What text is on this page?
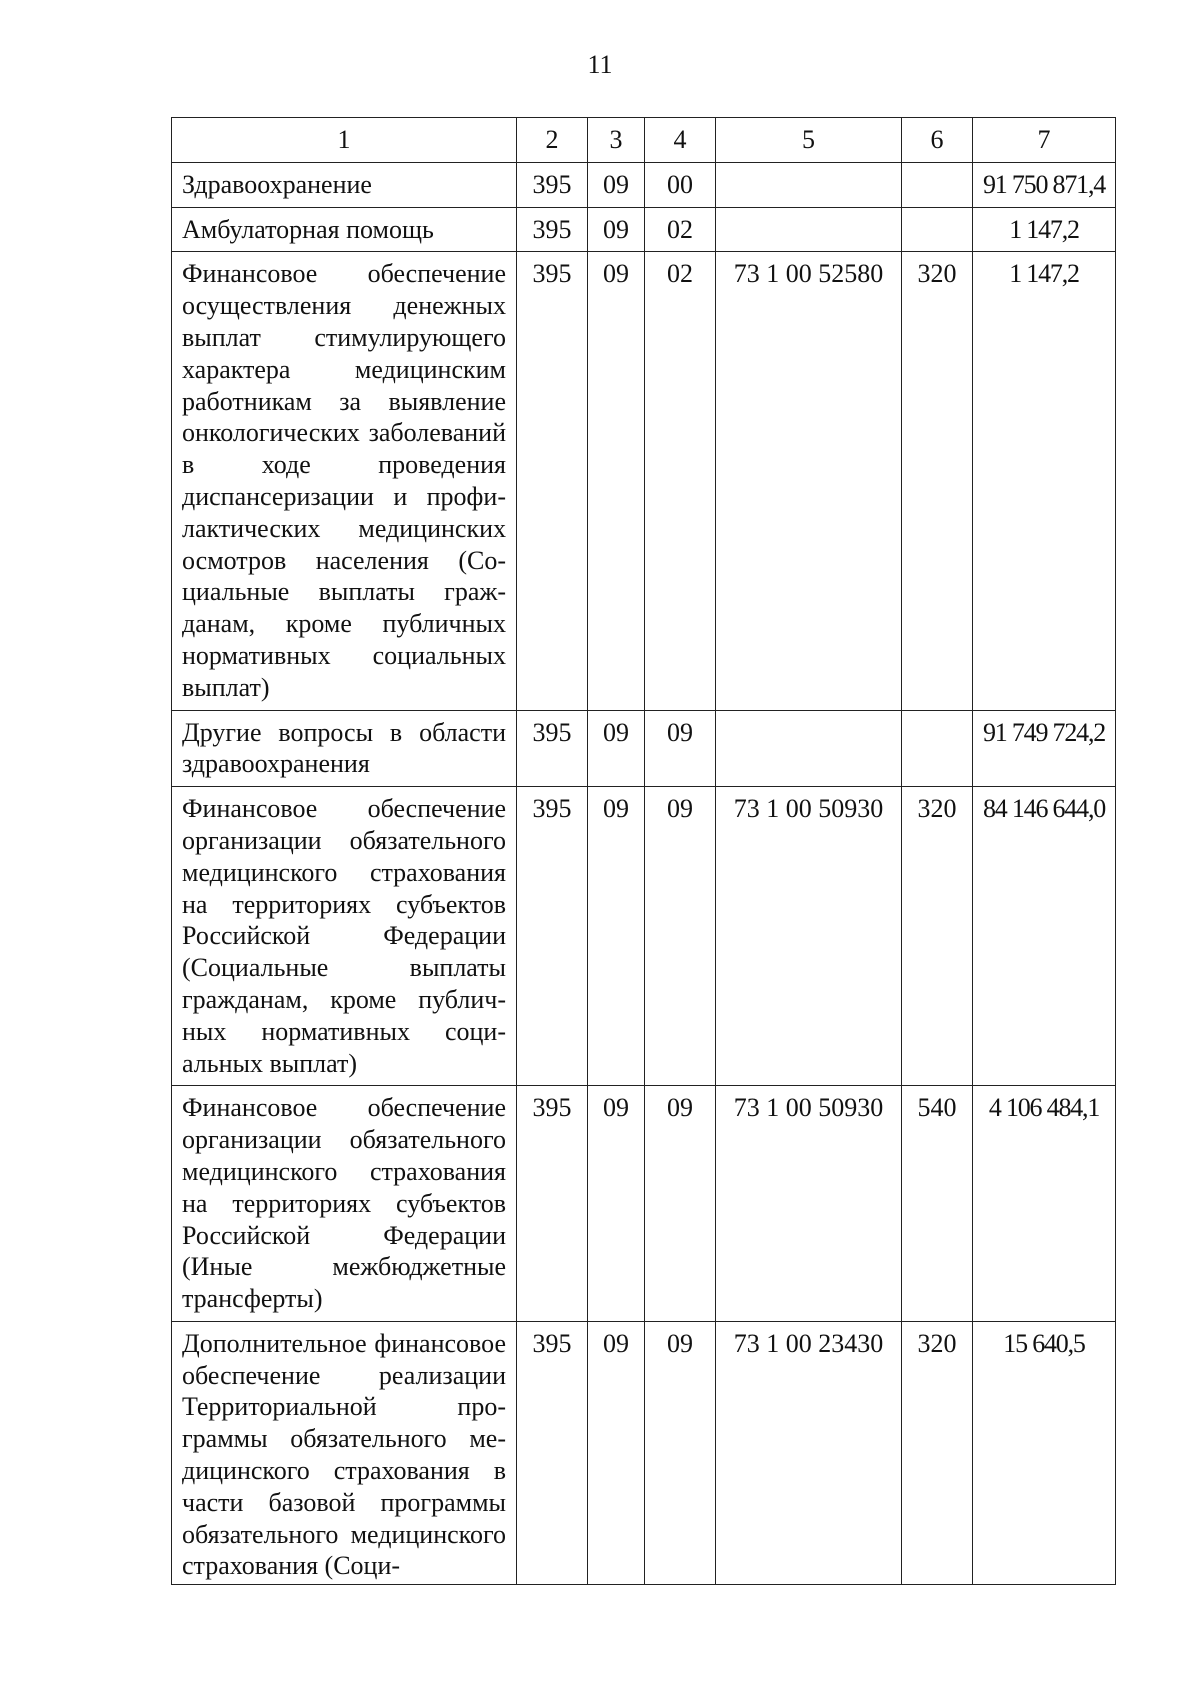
11
1	2	3	4	5	6	7
Здравоохранение	395	09	00			91 750 871,4
Амбулаторная помощь	395	09	02			1 147,2
Финансовое обеспечение осуществления денежных выплат стимулирующего характера медицинским работникам за выявление онкологических заболеваний в ходе проведения диспансеризации и профилактических медицинских осмотров населения (Социальные выплаты гражданам, кроме публичных нормативных социальных выплат)	395	09	02	73 1 00 52580	320	1 147,2
Другие вопросы в области здравоохранения	395	09	09			91 749 724,2
Финансовое обеспечение организации обязательного медицинского страхования на территориях субъектов Российской Федерации (Социальные выплаты гражданам, кроме публичных нормативных социальных выплат)	395	09	09	73 1 00 50930	320	84 146 644,0
Финансовое обеспечение организации обязательного медицинского страхования на территориях субъектов Российской Федерации (Иные межбюджетные трансферты)	395	09	09	73 1 00 50930	540	4 106 484,1
Дополнительное финансовое обеспечение реализации Территориальной программы обязательного медицинского страхования в части базовой программы обязательного медицинского страхования (Соци-	395	09	09	73 1 00 23430	320	15 640,5
